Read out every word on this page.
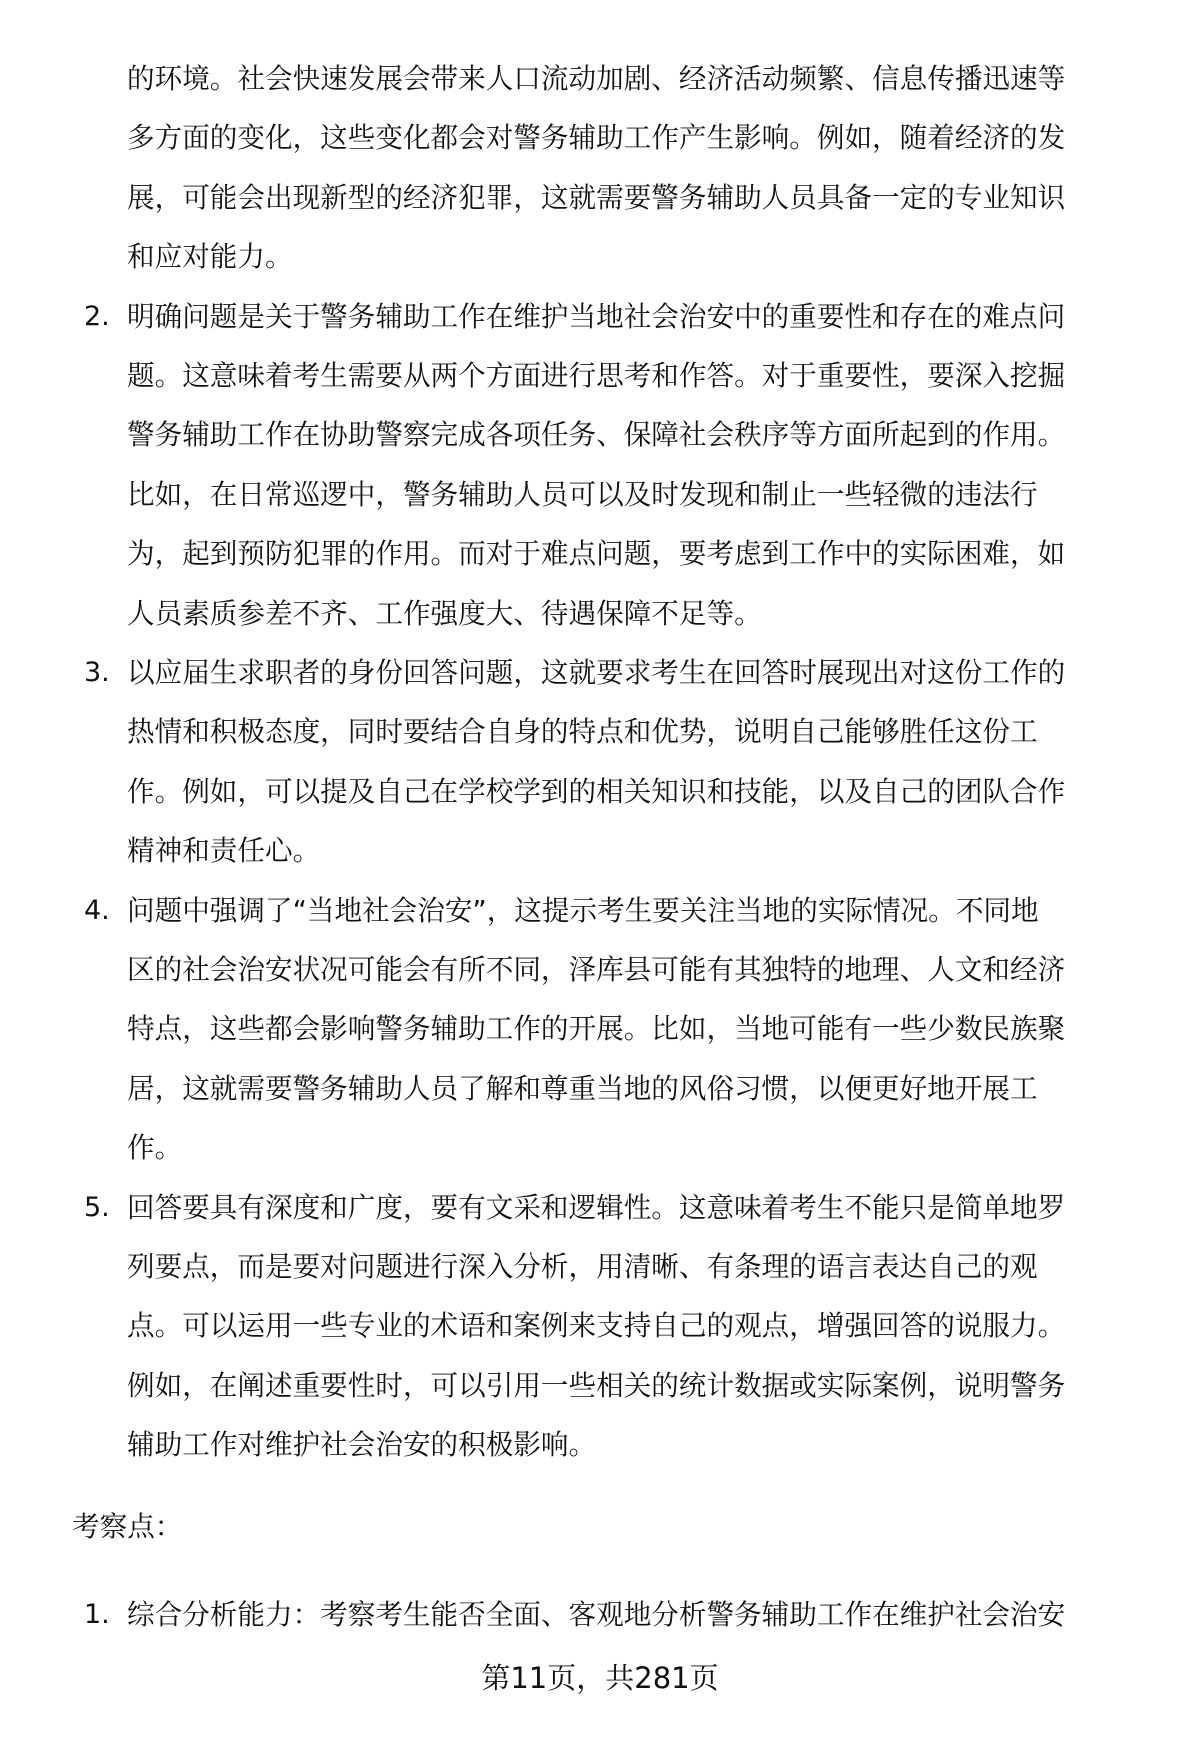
的环境。社会快速发展会带来人口流动加剧、经济活动频繁、信息传播迅速等
多方面的变化，这些变化都会对警务辅助工作产生影响。例如，随着经济的发
展，可能会出现新型的经济犯罪，这就需要警务辅助人员具备一定的专业知识
和应对能力。
2. 明确问题是关于警务辅助工作在维护当地社会治安中的重要性和存在的难点问
题。这意味着考生需要从两个方面进行思考和作答。对于重要性，要深入挖掘
警务辅助工作在协助警察完成各项任务、保障社会秩序等方面所起到的作用。
比如，在日常巡逻中，警务辅助人员可以及时发现和制止一些轻微的违法行
为，起到预防犯罪的作用。而对于难点问题，要考虑到工作中的实际困难，如
人员素质参差不齐、工作强度大、待遇保障不足等。
3. 以应届生求职者的身份回答问题，这就要求考生在回答时展现出对这份工作的
热情和积极态度，同时要结合自身的特点和优势，说明自己能够胜任这份工
作。例如，可以提及自己在学校学到的相关知识和技能，以及自己的团队合作
精神和责任心。
4. 问题中强调了“当地社会治安”，这提示考生要关注当地的实际情况。不同地
区的社会治安状况可能会有所不同，泽库县可能有其独特的地理、人文和经济
特点，这些都会影响警务辅助工作的开展。比如，当地可能有一些少数民族聚
居，这就需要警务辅助人员了解和尊重当地的风俗习惯，以便更好地开展工
作。
5. 回答要具有深度和广度，要有文采和逻辑性。这意味着考生不能只是简单地罗
列要点，而是要对问题进行深入分析，用清晰、有条理的语言表达自己的观
点。可以运用一些专业的术语和案例来支持自己的观点，增强回答的说服力。
例如，在阐述重要性时，可以引用一些相关的统计数据或实际案例，说明警务
辅助工作对维护社会治安的积极影响。
考察点：
1. 综合分析能力：考察考生能否全面、客观地分析警务辅助工作在维护社会治安
第11页，共281页
